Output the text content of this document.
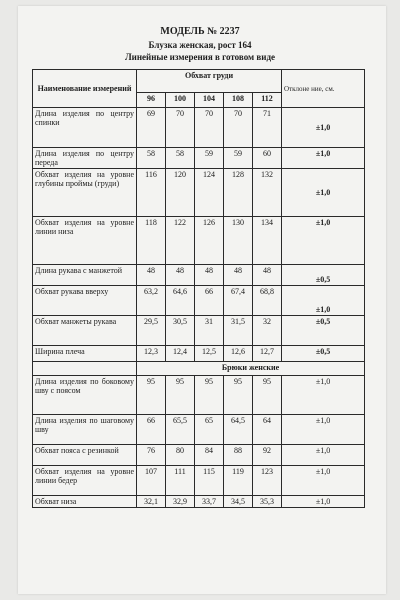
МОДЕЛЬ № 2237
Блузка женская, рост 164
Линейные измерения в готовом виде
Наименование измерений	Обхват груди					Отклоне ние, см.
	96	100	104	108	112	
Длина изделия по центру спинки	69	70	70	70	71	±1,0
Длина изделия по центру переда	58	58	59	59	60	±1,0
Обхват изделия на уровне глубины проймы (груди)	116	120	124	128	132	±1,0
Обхват изделия на уровне линии низа	118	122	126	130	134	±1,0
Длина рукава с манжетой	48	48	48	48	48	±0,5
Обхват рукава вверху	63,2	64,6	66	67,4	68,8	±1,0
Обхват манжеты рукава	29,5	30,5	31	31,5	32	±0,5
Ширина плеча	12,3	12,4	12,5	12,6	12,7	±0,5
	Брюки женские					
Длина изделия по боковому шву с поясом	95	95	95	95	95	±1,0
Длина изделия по шаговому шву	66	65,5	65	64,5	64	±1,0
Обхват пояса с резинкой	76	80	84	88	92	±1,0
Обхват изделия на уровне линии бедер	107	111	115	119	123	±1,0
Обхват низа	32,1	32,9	33,7	34,5	35,3	±1,0
